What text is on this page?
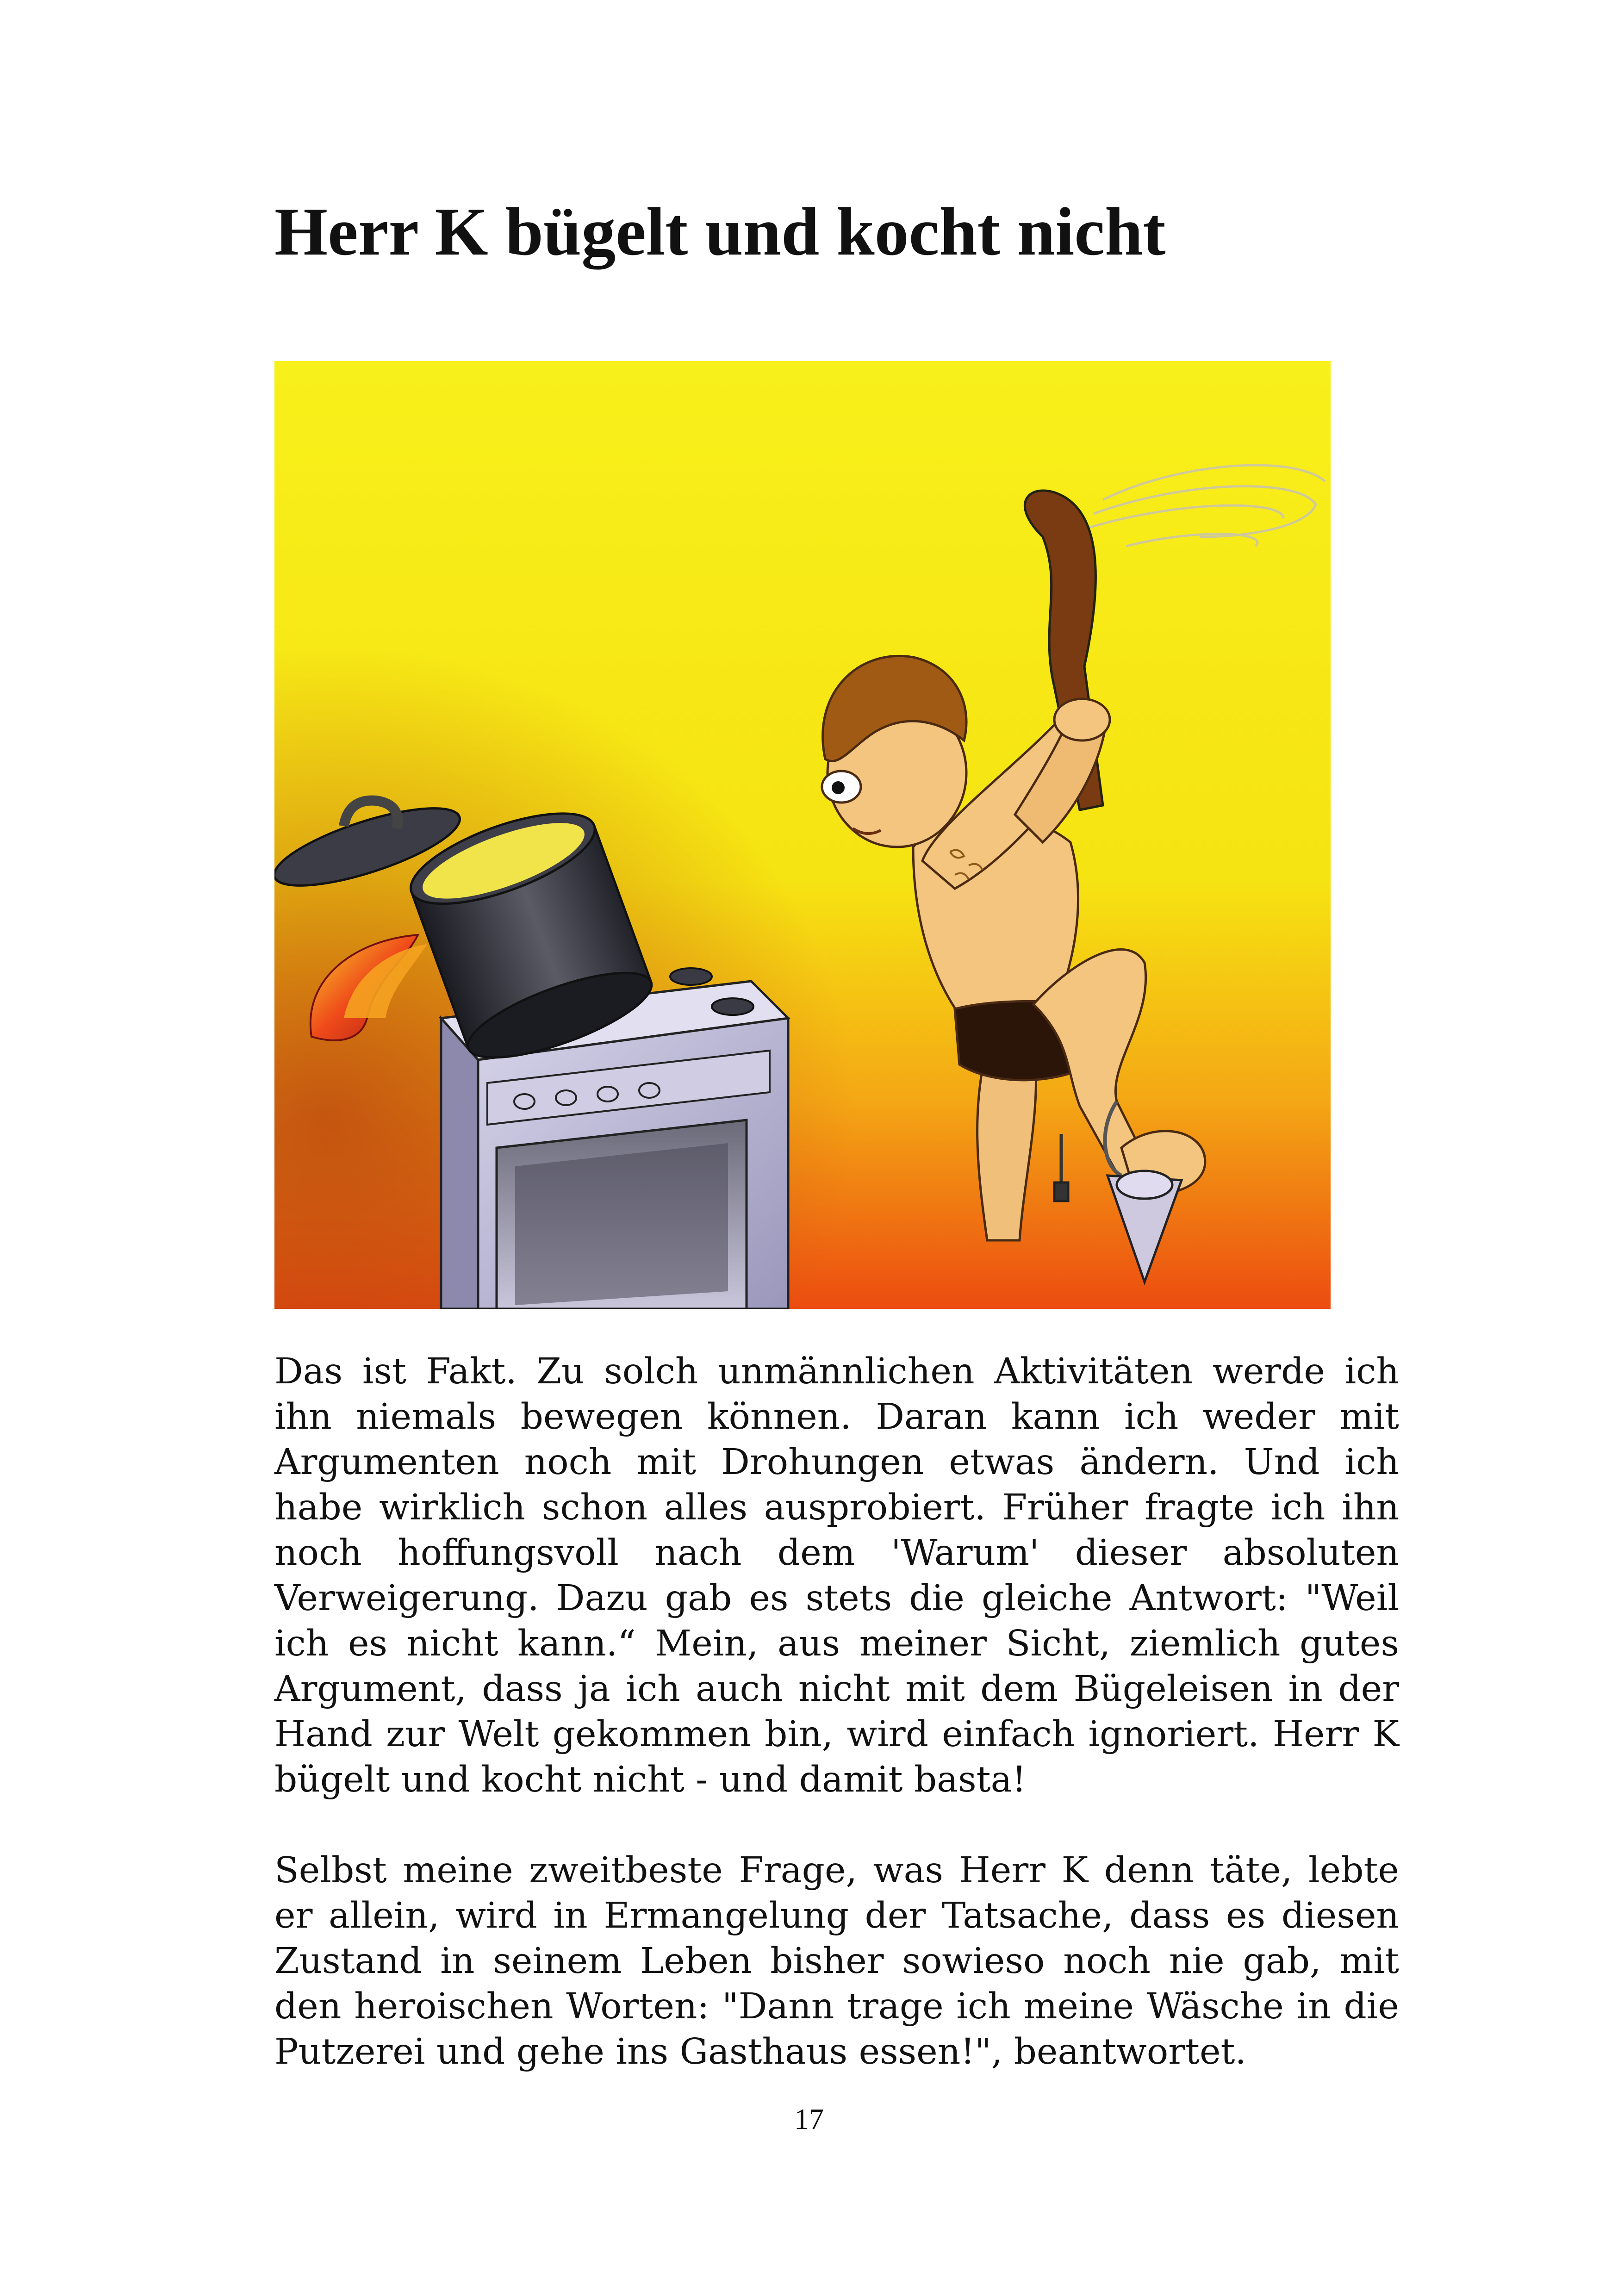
Herr K bügelt und kocht nicht

Das ist Fakt. Zu solch unmännlichen Aktivitäten werde ich ihn niemals bewegen können. Daran kann ich weder mit Argumenten noch mit Drohungen etwas ändern. Und ich habe wirklich schon alles ausprobiert. Früher fragte ich ihn noch hoffungsvoll nach dem 'Warum' dieser absoluten Verweigerung. Dazu gab es stets die gleiche Antwort: "Weil ich es nicht kann.“ Mein, aus meiner Sicht, ziemlich gutes Argument, dass ja ich auch nicht mit dem Bügeleisen in der Hand zur Welt gekommen bin, wird einfach ignoriert. Herr K bügelt und kocht nicht - und damit basta!

Selbst meine zweitbeste Frage, was Herr K denn täte, lebte er allein, wird in Ermangelung der Tatsache, dass es diesen Zustand in seinem Leben bisher sowieso noch nie gab, mit den heroischen Worten: "Dann trage ich meine Wäsche in die Putzerei und gehe ins Gasthaus essen!", beantwortet.

17
